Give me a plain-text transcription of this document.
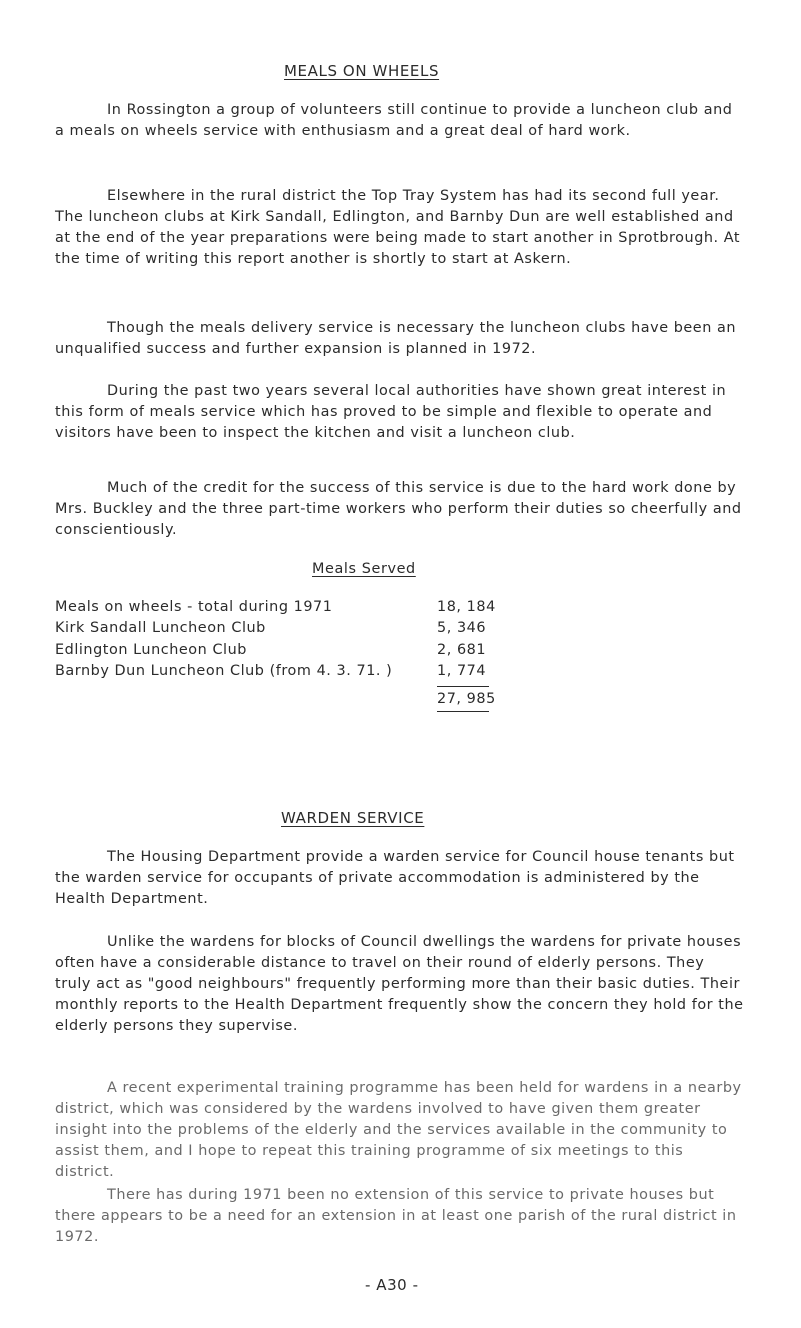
MEALS ON WHEELS

In Rossington a group of volunteers still continue to provide a luncheon club and a meals on wheels service with enthusiasm and a great deal of hard work.

Elsewhere in the rural district the Top Tray System has had its second full year. The luncheon clubs at Kirk Sandall, Edlington, and Barnby Dun are well established and at the end of the year preparations were being made to start another in Sprotbrough. At the time of writing this report another is shortly to start at Askern.

Though the meals delivery service is necessary the luncheon clubs have been an unqualified success and further expansion is planned in 1972.

During the past two years several local authorities have shown great interest in this form of meals service which has proved to be simple and flexible to operate and visitors have been to inspect the kitchen and visit a luncheon club.

Much of the credit for the success of this service is due to the hard work done by Mrs. Buckley and the three part-time workers who perform their duties so cheerfully and conscientiously.

Meals Served
Meals on wheels - total during 1971	18, 184
Kirk Sandall Luncheon Club	5, 346
Edlington Luncheon Club	2, 681
Barnby Dun Luncheon Club (from 4. 3. 71. )	1, 774
27, 985
WARDEN SERVICE

The Housing Department provide a warden service for Council house tenants but the warden service for occupants of private accommodation is administered by the Health Department.

Unlike the wardens for blocks of Council dwellings the wardens for private houses often have a considerable distance to travel on their round of elderly persons. They truly act as "good neighbours" frequently performing more than their basic duties. Their monthly reports to the Health Department frequently show the concern they hold for the elderly persons they supervise.

A recent experimental training programme has been held for wardens in a nearby district, which was considered by the wardens involved to have given them greater insight into the problems of the elderly and the services available in the community to assist them, and I hope to repeat this training programme of six meetings to this district.

There has during 1971 been no extension of this service to private houses but there appears to be a need for an extension in at least one parish of the rural district in 1972.

- A30 -
